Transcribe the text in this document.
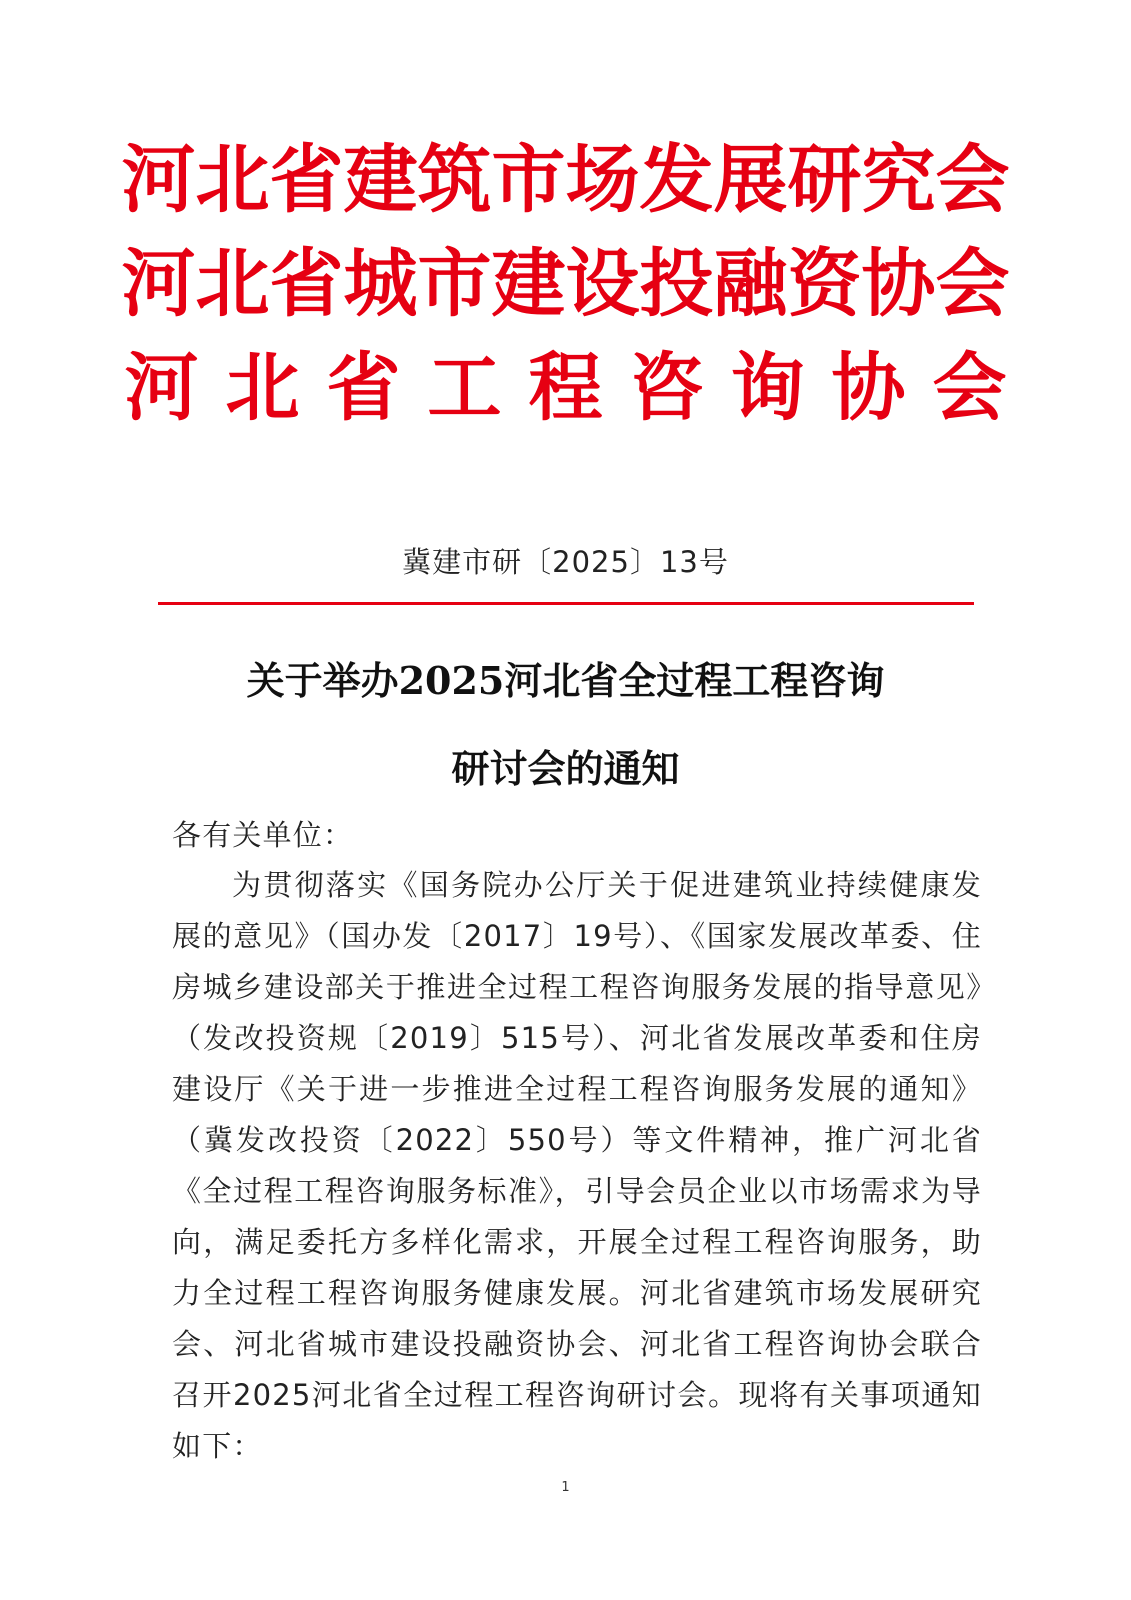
河北省建筑市场发展研究会
河北省城市建设投融资协会
河北省工程咨询协会
冀建市研〔2025〕13号
关于举办2025河北省全过程工程咨询
研讨会的通知
各有关单位：
为贯彻落实《国务院办公厅关于促进建筑业持续健康发展的意见》（国办发〔2017〕19号）、《国家发展改革委、住房城乡建设部关于推进全过程工程咨询服务发展的指导意见》（发改投资规〔2019〕515号）、河北省发展改革委和住房建设厅《关于进一步推进全过程工程咨询服务发展的通知》（冀发改投资〔2022〕550号）等文件精神，推广河北省《全过程工程咨询服务标准》，引导会员企业以市场需求为导向，满足委托方多样化需求，开展全过程工程咨询服务，助力全过程工程咨询服务健康发展。河北省建筑市场发展研究会、河北省城市建设投融资协会、河北省工程咨询协会联合召开2025河北省全过程工程咨询研讨会。现将有关事项通知如下：
1
